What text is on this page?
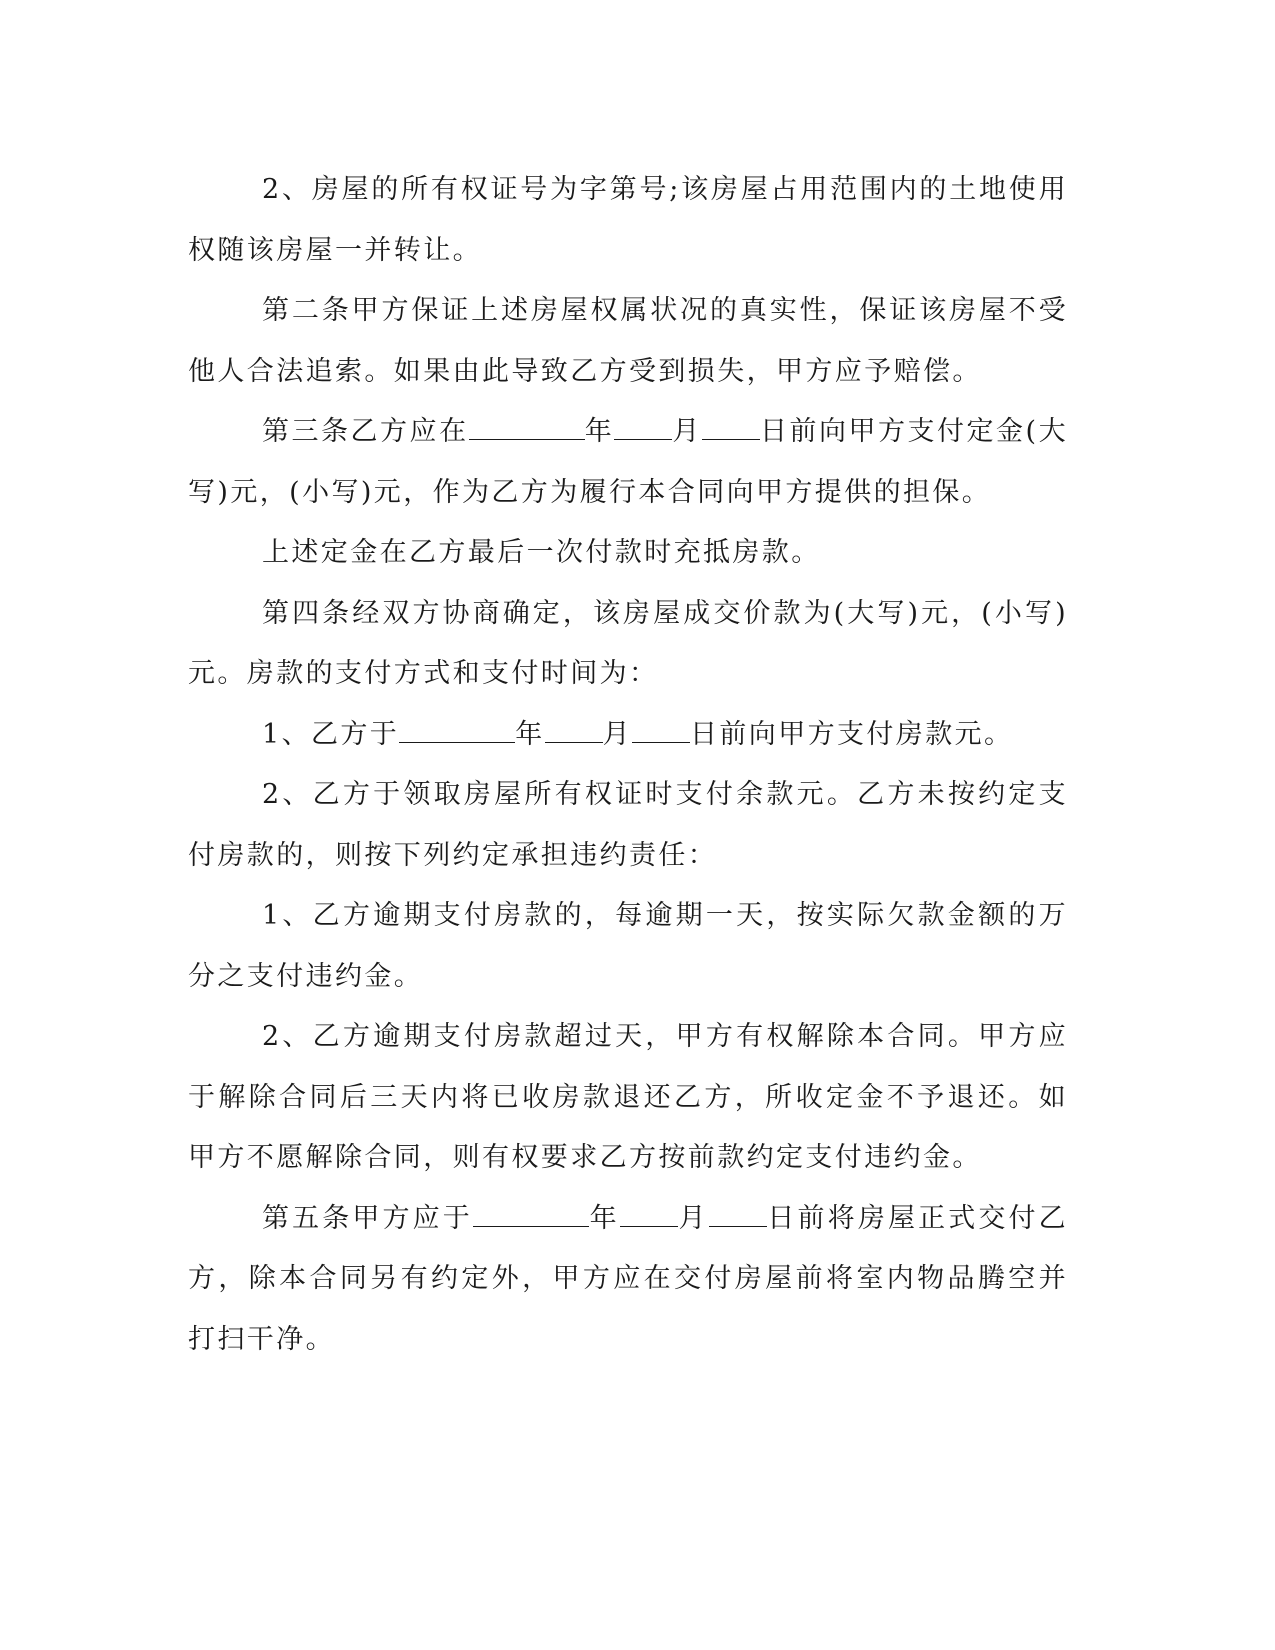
2、房屋的所有权证号为字第号;该房屋占用范围内的土地使用权随该房屋一并转让。

第二条甲方保证上述房屋权属状况的真实性，保证该房屋不受他人合法追索。如果由此导致乙方受到损失，甲方应予赔偿。

第三条乙方应在	年 月 日前向甲方支付定金(大写)元，(小写)元，作为乙方为履行本合同向甲方提供的担保。

上述定金在乙方最后一次付款时充抵房款。

第四条经双方协商确定，该房屋成交价款为(大写)元，(小写)元。房款的支付方式和支付时间为：

1、乙方于	年 月 日前向甲方支付房款元。

2、乙方于领取房屋所有权证时支付余款元。乙方未按约定支付房款的，则按下列约定承担违约责任：

1、乙方逾期支付房款的，每逾期一天，按实际欠款金额的万分之支付违约金。

2、乙方逾期支付房款超过天，甲方有权解除本合同。甲方应于解除合同后三天内将已收房款退还乙方，所收定金不予退还。如甲方不愿解除合同，则有权要求乙方按前款约定支付违约金。

第五条甲方应于	年 月 日前将房屋正式交付乙方，除本合同另有约定外，甲方应在交付房屋前将室内物品腾空并打扫干净。
